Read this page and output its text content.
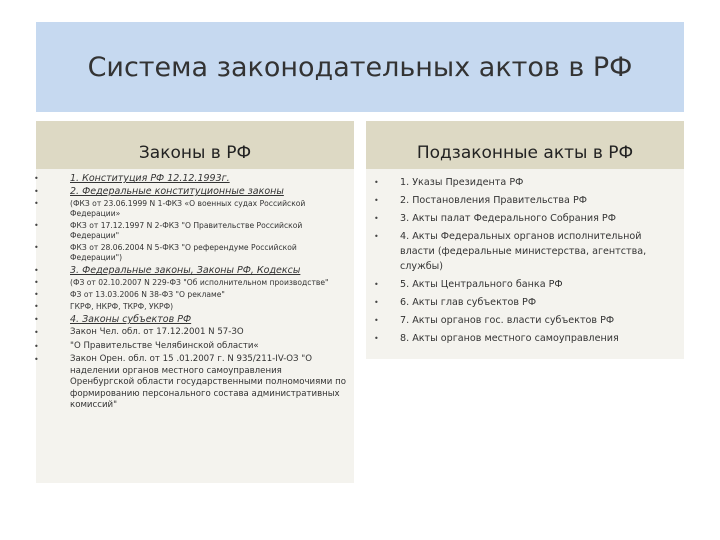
Система законодательных актов в РФ
Законы в РФ	Подзаконные акты в РФ
• 1. Конституция РФ 12.12.1993г.
• 2. Федеральные конституционные законы
• (ФКЗ от 23.06.1999 N 1-ФКЗ «О военных судах Российской Федерации»
• ФКЗ от 17.12.1997 N 2-ФКЗ "О Правительстве Российской Федерации"
• ФКЗ от 28.06.2004 N 5-ФКЗ "О референдуме Российской Федерации")
• 3. Федеральные законы, Законы РФ, Кодексы
• (ФЗ от 02.10.2007 N 229-ФЗ "Об исполнительном производстве"
• ФЗ от 13.03.2006 N 38-ФЗ "О рекламе"
• ГКРФ, НКРФ, ТКРФ, УКРФ)
• 4. Законы субъектов РФ
• Закон Чел. обл. от 17.12.2001 N 57-ЗО
• "О Правительстве Челябинской области«
• Закон Орен. обл. от 15 .01.2007 г. N 935/211-IV-ОЗ "О наделении органов местного самоуправления Оренбургской области государственными полномочиями по формированию персонального состава административных комиссий"
• 1. Указы Президента РФ
• 2. Постановления Правительства РФ
• 3. Акты палат Федерального Собрания РФ
• 4. Акты Федеральных органов исполнительной власти (федеральные министерства, агентства, службы)
• 5. Акты Центрального банка РФ
• 6. Акты глав субъектов РФ
• 7. Акты органов гос. власти субъектов РФ
• 8. Акты органов местного самоуправления
